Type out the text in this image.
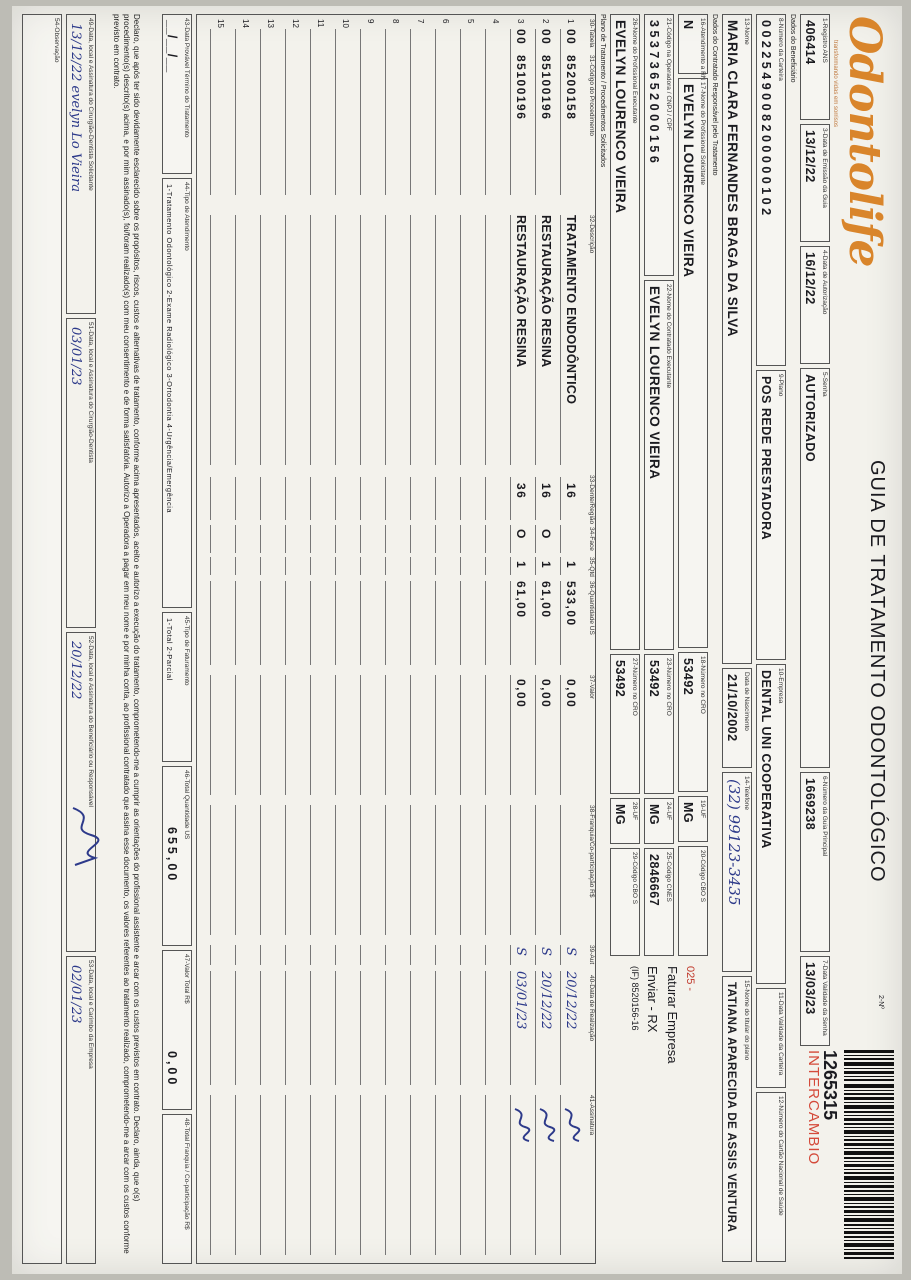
Odontolife
transformando vidas em sorrisos
GUIA DE TRATAMENTO ODONTOLÓGICO
2-Nº
1265315
INTERCAMBIO
1-Registro ANS
406414
3-Data de Emissão da Guia
13/12/22
4-Data de Autorização
16/12/22
5-Senha
AUTORIZADO
6-Número da Guia Principal
1669238
7-Data Validade da Senha
13/03/23
Dados do Beneficiário
8-Número da Carteira
0022549008200000102
9-Plano
POS REDE PRESTADORA
10-Empresa
DENTAL UNI COOPERATIVA
11-Data Validade da Carteira
12-Número do Cartão Nacional de Saúde
13-Nome
MARIA CLARA FERNANDES BRAGA DA SILVA
Data de Nascimento
21/10/2002
14-Telefone
(32) 99123-3435
15-Nome do titular do plano
TATIANA APARECIDA DE ASSIS VENTURA
Dados do Contratado Responsável pelo Tratamento
16-Atendimento a RN
N
17-Nome do Profissional Solicitante
EVELYN LOURENCO VIEIRA
18-Número no CRO
53492
19-UF
MG
20-Código CBO S
21-Código na Operadora / CNPJ / CPF
35373652000156
22-Nome do Contratado Executante
EVELYN LOURENCO VIEIRA
23-Número no CRO
53492
24-UF
MG
25-Código CNES
2846667
26-Nome do Profissional Executante
EVELYN LOURENCO VIEIRA
27-Número no CRO
53492
28-UF
MG
29-Código CBO S
025 -
Faturar Empresa
Enviar - RX
(IF) 8520156-16
Plano de Tratamento / Procedimentos Solicitados
30-Tabela
31-Código do Procedimento
32-Descrição
33-Dente/Região
34-Face
35-Qtd
36-Quantidade US
37-Valor
38-Franquia/Co-participação R$
39-Aut
40-Data de Realização
41-Assinatura
1
00
85200158
TRATAMENTO ENDODÔNTICO
16
1
533,00
0,00
S
20/12/22
2
00
85100196
RESTAURAÇÃO RESINA
16
O
1
61,00
0,00
S
20/12/22
3
00
85100196
RESTAURAÇÃO RESINA
36
O
1
61,00
0,00
S
03/01/23
4
5
6
7
8
9
10
11
12
13
14
15
43-Data Provável Término do Tratamento
__/__/__
44-Tipo de Atendimento
1-Tratamento Odontológico 2-Exame Radiológico 3-Ortodontia 4-Urgência/Emergência
45-Tipo de Faturamento
1-Total 2-Parcial
46-Total Quantidade US
655,00
47-Valor Total R$
0,00
48-Total Franquia / Co-participação R$
Declaro, que após ter sido devidamente esclarecido sobre os propósitos, riscos, custos e alternativas de tratamento, conforme acima apresentados, aceito e autorizo a execução do tratamento, comprometendo-me a cumprir as orientações do profissional assistente e arcar com os custos previstos em contrato. Declaro, ainda, que o(s) procedimento(s) descrito(s) acima, e por mim assinado(s), foi/foram realizado(s) com meu consentimento e de forma satisfatória. Autorizo a Operadora a pagar em meu nome e por minha conta, ao profissional contratado que assina esse documento, os valores referentes ao tratamento realizado, comprometendo-me a arcar com os custos conforme previsto em contrato.
49-Data, local e Assinatura do Cirurgião-Dentista Solicitante
13/12/22 evelyn Lo Vieira
51-Data, local e Assinatura do Cirurgião-Dentista
03/01/23
52-Data, local e Assinatura do Beneficiário ou Responsável
20/12/22
53-Data, local e Carimbo da Empresa
02/01/23
54-Observação
